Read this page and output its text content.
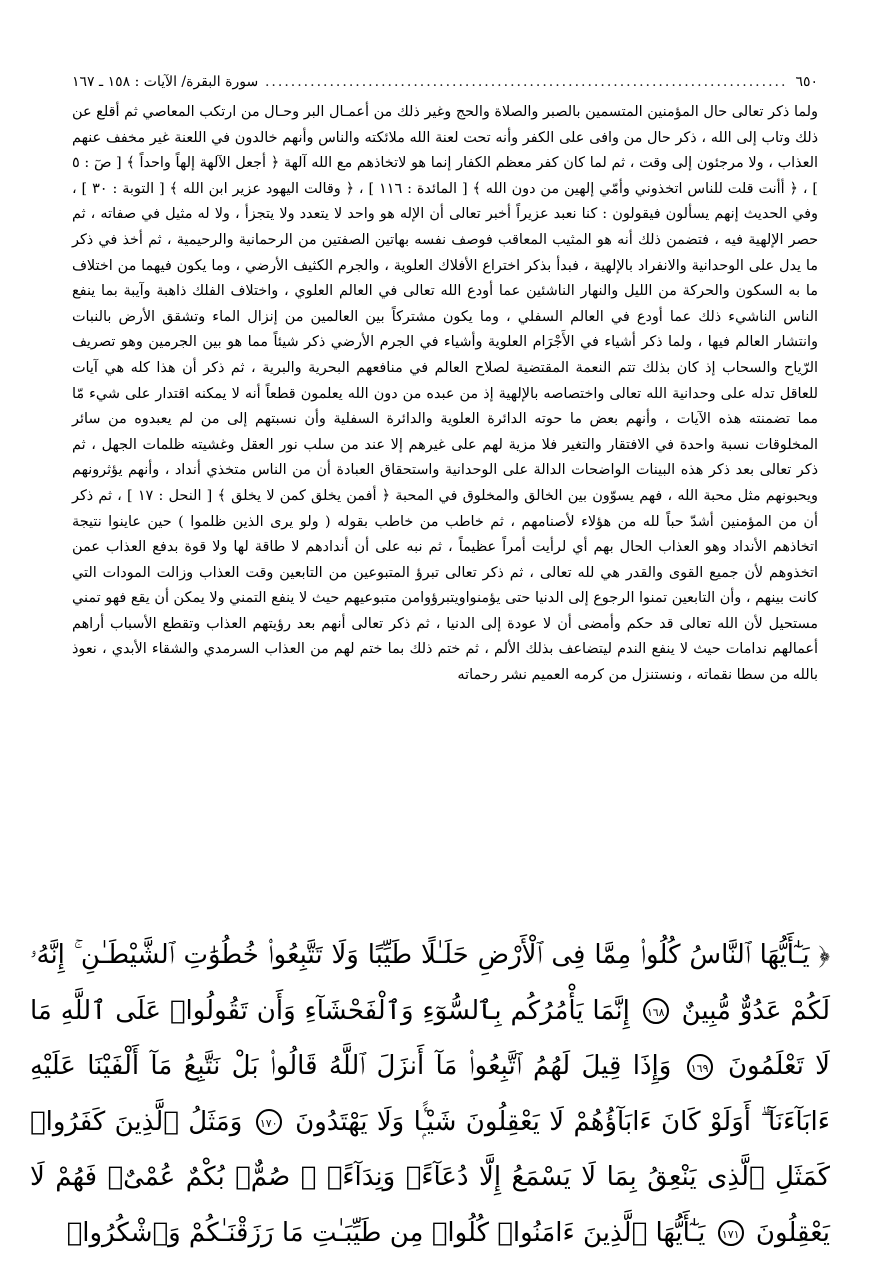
٦٥٠
.....
سورة البقرة/ الآيات : ١٥٨ ـ ١٦٧

ولما ذكر تعالى حال المؤمنين المتسمين بالصبر والصلاة والحج وغير ذلك من أعمـال البر وحـال من ارتكب المعاصي ثم أقلع عن ذلك وتاب إلى الله ، ذكر حال من وافى على الكفر وأنه تحت لعنة الله ملائكته والناس وأنهم خالدون في اللعنة غير مخفف عنهم العذاب ، ولا مرجئون إلى وقت ، ثم لما كان كفر معظم الكفار إنما هو لاتخاذهم مع الله آلهة ﴿ أجعل الآلهة إلهاً واحداً ﴾ [ صٓ : ٥ ] ، ﴿ أأنت قلت للناس اتخذوني وأمّي إلهين من دون الله ﴾ [ المائدة : ١١٦ ] ، ﴿ وقالت اليهود عزير ابن الله ﴾ [ التوبة : ٣٠ ] ، وفي الحديث إنهم يسألون فيقولون : كنا نعبد عزيراً أخبر تعالى أن الإله هو واحد لا يتعدد ولا يتجزأ ، ولا له مثيل في صفاته ، ثم حصر الإلهية فيه ، فتضمن ذلك أنه هو المثيب المعاقب فوصف نفسه بهاتين الصفتين من الرحمانية والرحيمية ، ثم أخذ في ذكر ما يدل على الوحدانية والانفراد بالإلهية ، فبدأ بذكر اختراع الأفلاك العلوية ، والجرم الكثيف الأرضي ، وما يكون فيهما من اختلاف ما به السكون والحركة من الليل والنهار الناشئين عما أودع الله تعالى في العالم العلوي ، واختلاف الفلك ذاهبة وآيبة بما ينفع الناس الناشيء ذلك عما أودع في العالم السفلي ، وما يكون مشتركاً بين العالمين من إنزال الماء وتشقق الأرض بالنبات وانتشار العالم فيها ، ولما ذكر أشياء في الأَجْرَام العلوية وأشياء في الجرم الأرضي ذكر شيئاً مما هو بين الجرمين وهو تصريف الرّياح والسحاب إذ كان بذلك تتم النعمة المقتضية لصلاح العالم في منافعهم البحرية والبرية ، ثم ذكر أن هذا كله هي آيات للعاقل تدله على وحدانية الله تعالى واختصاصه بالإلهية إذ من عبده من دون الله يعلمون قطعاً أنه لا يمكنه اقتدار على شيء مّا مما تضمنته هذه الآيات ، وأنهم بعض ما حوته الدائرة العلوية والدائرة السفلية وأن نسبتهم إلى من لم يعبدوه من سائر المخلوقات نسبة واحدة في الافتقار والتغير فلا مزية لهم على غيرهم إلا عند من سلب نور العقل وغشيته ظلمات الجهل ، ثم ذكر تعالى بعد ذكر هذه البينات الواضحات الدالة على الوحدانية واستحقاق العبادة أن من الناس متخذي أنداد ، وأنهم يؤثرونهم ويحبونهم مثل محبة الله ، فهم يسوّون بين الخالق والمخلوق في المحبة ﴿ أفمن يخلق كمن لا يخلق ﴾ [ النحل : ١٧ ] ، ثم ذكر أن من المؤمنين أشدّ حباً لله من هؤلاء لأصنامهم ، ثم خاطب من خاطب بقوله ( ولو يرى الذين ظلموا ) حين عاينوا نتيجة اتخاذهم الأنداد وهو العذاب الحال بهم أي لرأيت أمراً عظيماً ، ثم نبه على أن أندادهم لا طاقة لها ولا قوة بدفع العذاب عمن اتخذوهم لأن جميع القوى والقدر هي لله تعالى ، ثم ذكر تعالى تبرؤ المتبوعين من التابعين وقت العذاب وزالت المودات التي كانت بينهم ، وأن التابعين تمنوا الرجوع إلى الدنيا حتى يؤمنواويتبرؤوامن متبوعيهم حيث لا ينفع التمني ولا يمكن أن يقع فهو تمني مستحيل لأن الله تعالى قد حكم وأمضى أن لا عودة إلى الدنيا ، ثم ذكر تعالى أنهم بعد رؤيتهم العذاب وتقطع الأسباب أراهم أعمالهم ندامات حيث لا ينفع الندم ليتضاعف بذلك الألم ، ثم ختم ذلك بما ختم لهم من العذاب السرمدي والشقاء الأبدي ، نعوذ بالله من سطا نقماته ، ونستنزل من كرمه العميم نشر رحماته

﴿ يَـٰٓأَيُّهَا ٱلنَّاسُ كُلُوا۟ مِمَّا فِى ٱلْأَرْضِ حَلَـٰلًا طَيِّبًا وَلَا تَتَّبِعُوا۟ خُطُوَٰتِ ٱلشَّيْطَـٰنِ ۚ إِنَّهُۥ لَكُمْ عَدُوٌّ مُّبِينٌ ١٦٨ إِنَّمَا يَأْمُرُكُم بِٱلسُّوٓءِ وَٱلْفَحْشَآءِ وَأَن تَقُولُوا۟ عَلَى ٱللَّهِ مَا لَا تَعْلَمُونَ ١٦٩ وَإِذَا قِيلَ لَهُمُ ٱتَّبِعُوا۟ مَآ أَنزَلَ ٱللَّهُ قَالُوا۟ بَلْ نَتَّبِعُ مَآ أَلْفَيْنَا عَلَيْهِ ءَابَآءَنَآ ۗ أَوَلَوْ كَانَ ءَابَآؤُهُمْ لَا يَعْقِلُونَ شَيْـًۭٔا وَلَا يَهْتَدُونَ ١٧٠ وَمَثَلُ ٱلَّذِينَ كَفَرُوا۟ كَمَثَلِ ٱلَّذِى يَنْعِقُ بِمَا لَا يَسْمَعُ إِلَّا دُعَآءًۭ وَنِدَآءًۭ ۚ صُمٌّۢ بُكْمٌ عُمْىٌۭ فَهُمْ لَا يَعْقِلُونَ ١٧١ يَـٰٓأَيُّهَا ٱلَّذِينَ ءَامَنُوا۟ كُلُوا۟ مِن طَيِّبَـٰتِ مَا رَزَقْنَـٰكُمْ وَٱشْكُرُوا۟
